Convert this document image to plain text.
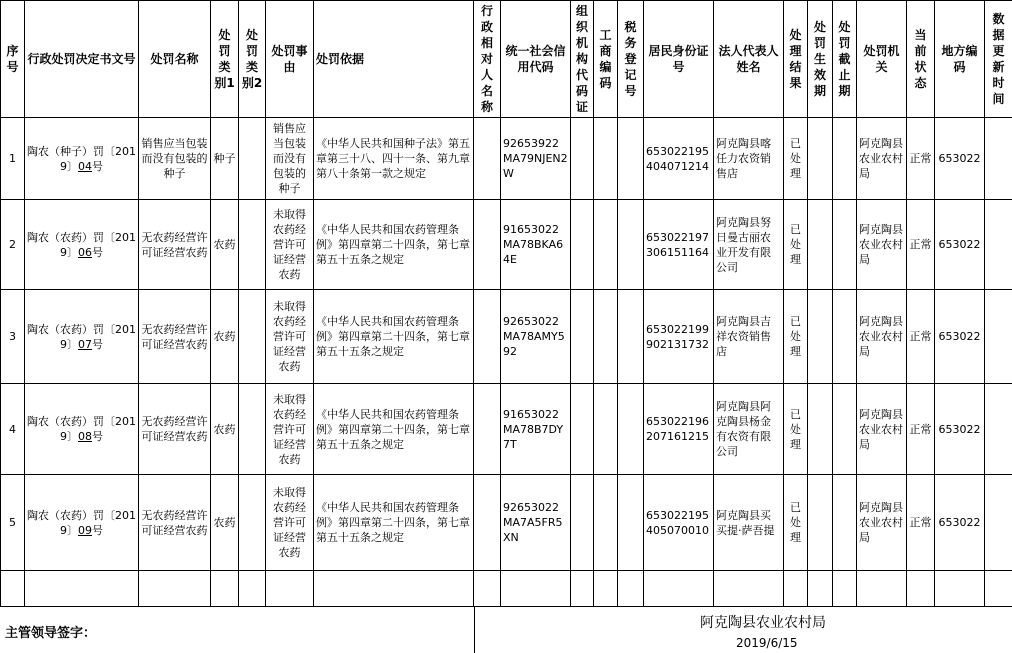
序号	行政处罚决定书文号	处罚名称	处罚类别1	处罚类别2	处罚事由	处罚依据	行政相对人名称	统一社会信用代码	组织机构代码证	工商编码	税务登记号	居民身份证号	法人代表人姓名	处理结果	处罚生效期	处罚截止期	处罚机关	当前状态	地方编码	数据更新时间
1	陶农（种子）罚〔2019〕04号	销售应当包装而没有包装的种子	种子		销售应当包装而没有包装的种子	《中华人民共和国种子法》第五章第三十八、四十一条、第九章第八十条第一款之规定		92653922MA79NJEN2W				653022195404071214	阿克陶县喀任力农资销售店	已处理			阿克陶县农业农村局	正常	653022	
2	陶农（农药）罚〔2019〕06号	无农药经营许可证经营农药	农药		未取得农药经营许可证经营农药	《中华人民共和国农药管理条例》第四章第二十四条，第七章第五十五条之规定		91653022MA78BKA64E				653022197306151164	阿克陶县努日曼古丽农业开发有限公司	已处理			阿克陶县农业农村局	正常	653022	
3	陶农（农药）罚〔2019〕07号	无农药经营许可证经营农药	农药		未取得农药经营许可证经营农药	《中华人民共和国农药管理条例》第四章第二十四条，第七章第五十五条之规定		92653022MA78AMY592				653022199902131732	阿克陶县吉祥农资销售店	已处理			阿克陶县农业农村局	正常	653022	
4	陶农（农药）罚〔2019〕08号	无农药经营许可证经营农药	农药		未取得农药经营许可证经营农药	《中华人民共和国农药管理条例》第四章第二十四条，第七章第五十五条之规定		91653022MA78B7DY7T				653022196207161215	阿克陶县阿克陶县杨金有农资有限公司	已处理			阿克陶县农业农村局	正常	653022	
5	陶农（农药）罚〔2019〕09号	无农药经营许可证经营农药	农药		未取得农药经营许可证经营农药	《中华人民共和国农药管理条例》第四章第二十四条，第七章第五十五条之规定		92653022MA7A5FR5XN				653022195405070010	阿克陶县买买提·萨吾提	已处理			阿克陶县农业农村局	正常	653022	

主管领导签字：
阿克陶县农业农村局
2019/6/15
